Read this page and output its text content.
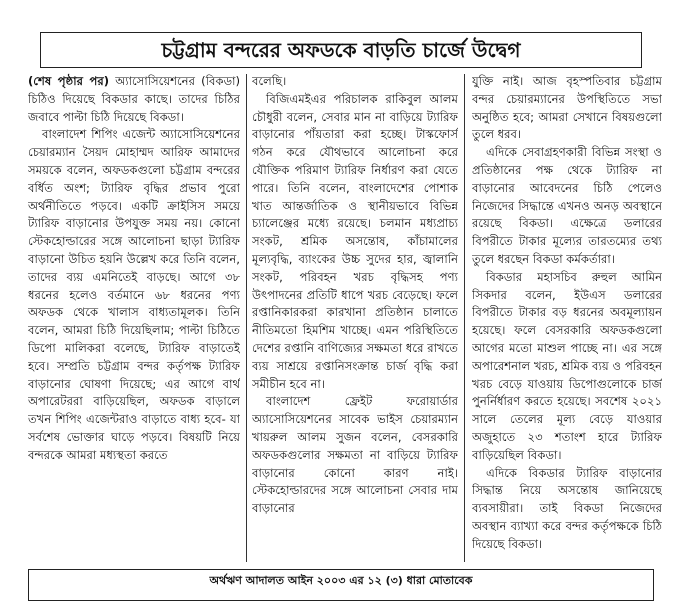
চট্টগ্রাম বন্দরের অফডকে বাড়তি চার্জে উদ্বেগ

(শেষ পৃষ্ঠার পর) অ্যাসোসিয়েশনের (বিকডা) চিঠিও দিয়েছে বিকডার কাছে। তাদের চিঠির জবাবে পাল্টা চিঠি দিয়েছে বিকডা।

বাংলাদেশ শিপিং এজেন্ট অ্যাসোসিয়েশনের চেয়ারম্যান সৈয়দ মোহাম্মদ আরিফ আমাদের সময়কে বলেন, অফডকগুলো চট্টগ্রাম বন্দরের বর্ধিত অংশ; ট্যারিফ বৃদ্ধির প্রভাব পুরো অর্থনীতিতে পড়বে। একটি ক্রাইসিস সময়ে ট্যারিফ বাড়ানোর উপযুক্ত সময় নয়। কোনো স্টেকহোল্ডারের সঙ্গে আলোচনা ছাড়া ট্যারিফ বাড়ানো উচিত হয়নি উল্লেখ করে তিনি বলেন, তাদের ব্যয় এমনিতেই বাড়ছে। আগে ৩৮ ধরনের হলেও বর্তমানে ৬৮ ধরনের পণ্য অফডক থেকে খালাস বাধ্যতামূলক। তিনি বলেন, আমরা চিঠি দিয়েছিলাম; পাল্টা চিঠিতে ডিপো মালিকরা বলেছে, ট্যারিফ বাড়াতেই হবে। সম্প্রতি চট্টগ্রাম বন্দর কর্তৃপক্ষ ট্যারিফ বাড়ানোর ঘোষণা দিয়েছে; এর আগে বার্থ অপারেটররা বাড়িয়েছিল, অফডক বাড়ালে তখন শিপিং এজেন্টরাও বাড়াতে বাধ্য হবে- যা সর্বশেষ ভোক্তার ঘাড়ে পড়বে। বিষয়টি নিয়ে বন্দরকে আমরা মধ্যস্থতা করতে

বলেছি।

বিজিএমইএর পরিচালক রাকিবুল আলম চৌধুরী বলেন, সেবার মান না বাড়িয়ে ট্যারিফ বাড়ানোর পাঁয়তারা করা হচ্ছে। টাস্কফোর্স গঠন করে যৌথভাবে আলোচনা করে যৌক্তিক পরিমাণ ট্যারিফ নির্ধারণ করা যেতে পারে। তিনি বলেন, বাংলাদেশের পোশাক খাত আন্তর্জাতিক ও স্থানীয়ভাবে বিভিন্ন চ্যালেঞ্জের মধ্যে রয়েছে। চলমান মধ্যপ্রাচ্য সংকট, শ্রমিক অসন্তোষ, কাঁচামালের মূল্যবৃদ্ধি, ব্যাংকের উচ্চ সুদের হার, জ্বালানি সংকট, পরিবহন খরচ বৃদ্ধিসহ পণ্য উৎপাদনের প্রতিটি ধাপে খরচ বেড়েছে। ফলে রপ্তানিকারকরা কারখানা প্রতিষ্ঠান চালাতে নীতিমতো হিমশিম খাচ্ছে। এমন পরিস্থিতিতে দেশের রপ্তানি বাণিজ্যের সক্ষমতা ধরে রাখতে ব্যয় সাশ্রয়ে রপ্তানিসংক্রান্ত চার্জ বৃদ্ধি করা সমীচীন হবে না।

বাংলাদেশ ফ্রেইট ফরোয়ার্ডার অ্যাসোসিয়েশনের সাবেক ভাইস চেয়ারম্যান খায়রুল আলম সুজন বলেন, বেসরকারি অফডকগুলোর সক্ষমতা না বাড়িয়ে ট্যারিফ বাড়ানোর কোনো কারণ নাই। স্টেকহোল্ডারদের সঙ্গে আলোচনা সেবার দাম বাড়ানোর

যুক্তি নাই। আজ বৃহস্পতিবার চট্টগ্রাম বন্দর চেয়ারম্যানের উপস্থিতিতে সভা অনুষ্ঠিত হবে; আমরা সেখানে বিষয়গুলো তুলে ধরব।

এদিকে সেবাগ্রহণকারী বিভিন্ন সংস্থা ও প্রতিষ্ঠানের পক্ষ থেকে ট্যারিফ না বাড়ানোর আবেদনের চিঠি পেলেও নিজেদের সিদ্ধান্তে এখনও অনড় অবস্থানে রয়েছে বিকডা। এক্ষেত্রে ডলারের বিপরীতে টাকার মূল্যের তারতম্যের তথ্য তুলে ধরছেন বিকডা কর্মকর্তারা।

বিকডার মহাসচিব রুহুল আমিন সিকদার বলেন, ইউএস ডলারের বিপরীতে টাকার বড় ধরনের অবমূল্যায়ন হয়েছে। ফলে বেসরকারি অফডকগুলো আগের মতো মাশুল পাচ্ছে না। এর সঙ্গে অপারেশনাল খরচ, শ্রমিক ব্যয় ও পরিবহন খরচ বেড়ে যাওয়ায় ডিপোগুলোকে চার্জ পুনর্নির্ধারণ করতে হয়েছে। সবশেষ ২০২১ সালে তেলের মূল্য বেড়ে যাওয়ার অজুহাতে ২৩ শতাংশ হারে ট্যারিফ বাড়িয়েছিল বিকডা।

এদিকে বিকডার ট্যারিফ বাড়ানোর সিদ্ধান্ত নিয়ে অসন্তোষ জানিয়েছে ব্যবসায়ীরা। তাই বিকডা নিজেদের অবস্থান ব্যাখ্যা করে বন্দর কর্তৃপক্ষকে চিঠি দিয়েছে বিকডা।

অর্থঋণ আদালত আইন ২০০৩ এর ১২ (৩) ধারা মোতাবেক
